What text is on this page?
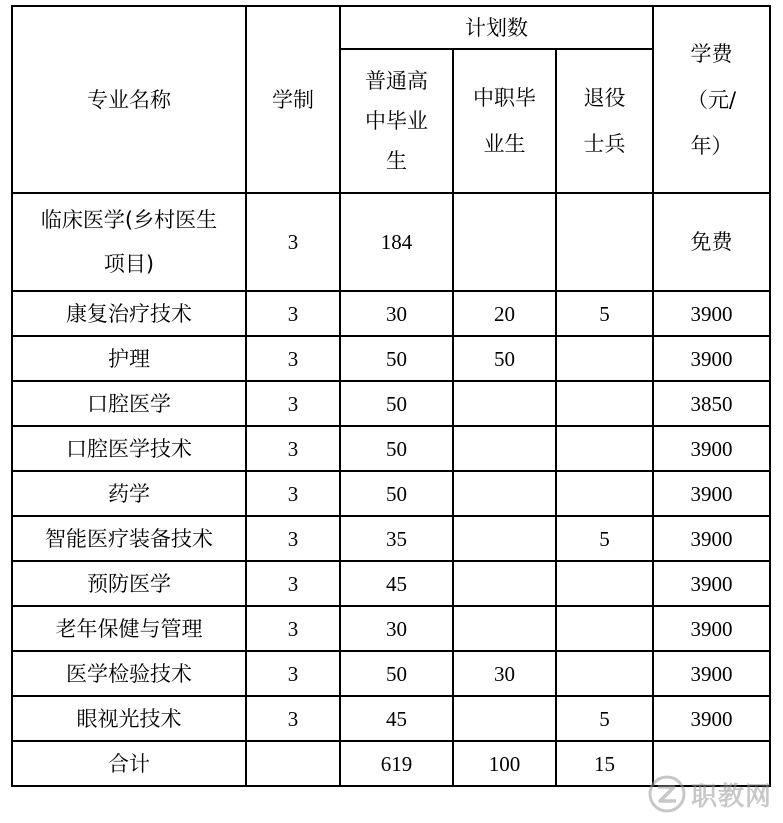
专业名称	学制	计划数			学费（元/年）

		普通高中毕业生	中职毕业生	退役士兵	

临床医学(乡村医生项目)	3	184			免费
康复治疗技术	3	30	20	5	3900
护理	3	50	50		3900
口腔医学	3	50			3850
口腔医学技术	3	50			3900
药学	3	50			3900
智能医疗装备技术	3	35		5	3900
预防医学	3	45			3900
老年保健与管理	3	30			3900
医学检验技术	3	50	30		3900
眼视光技术	3	45		5	3900
合计		619	100	15	
职教网
